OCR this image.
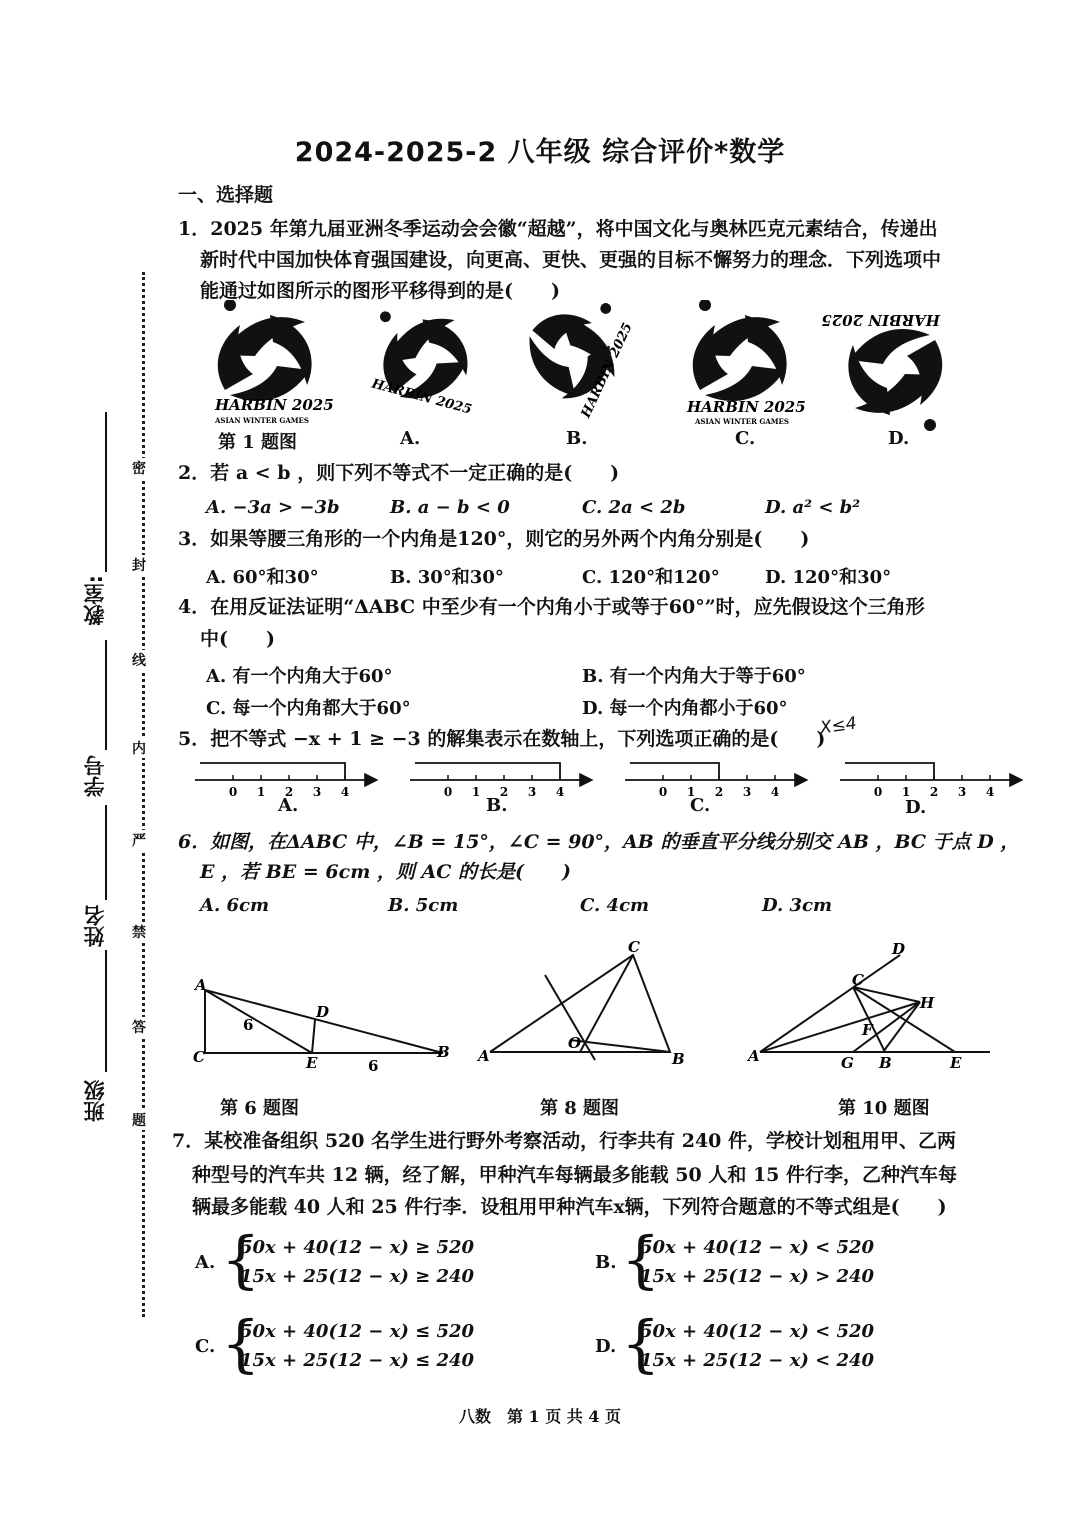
2024-2025-2 八年级 综合评价*数学
一、选择题
密
封
线
内
严
禁
答
题
班级
姓名
学号
教室:
1．2025 年第九届亚洲冬季运动会会徽“超越”，将中国文化与奥林匹克元素结合，传递出
新时代中国加快体育强国建设，向更高、更快、更强的目标不懈努力的理念．下列选项中
能通过如图所示的图形平移得到的是(　　)
HARBIN 2025
ASIAN WINTER GAMES
HARBIN 2025	HARBIN 2025	HARBIN 2025
ASIAN WINTER GAMES
HARBIN 2025
第 1 题图	A.	B.	C.	D.
2．若 a < b ，则下列不等式不一定正确的是(　　)
A. −3a > −3b	B. a − b < 0	C. 2a < 2b	D. a² < b²
3．如果等腰三角形的一个内角是120°，则它的另外两个内角分别是(　　)
A. 60°和30°	B. 30°和30°	C. 120°和120°	D. 120°和30°
4．在用反证法证明“ΔABC 中至少有一个内角小于或等于60°”时，应先假设这个三角形
中(　　)
A. 有一个内角大于60°	B. 有一个内角大于等于60°
C. 每一个内角都大于60°	D. 每一个内角都小于60°
5．把不等式 −x + 1 ≥ −3 的解集表示在数轴上，下列选项正确的是(　　)
X≤4
0 1 2 3 4	0 1 2 3 4	0 1 2 3 4	0 1 2 3 4
A.	B.	C.	D.
6．如图，在ΔABC 中，∠B = 15°，∠C = 90°，AB 的垂直平分线分别交 AB ，BC 于点 D ，
E ，若 BE = 6cm ，则 AC 的长是(　　)
A. 6cm	B. 5cm	C. 4cm	D. 3cm
A
C
D
E
B
6
6
C
A
O
B
D
C
H
F
A	G B	E
第 6 题图	第 8 题图	第 10 题图
7．某校准备组织 520 名学生进行野外考察活动，行李共有 240 件，学校计划租用甲、乙两
种型号的汽车共 12 辆，经了解，甲种汽车每辆最多能载 50 人和 15 件行李，乙种汽车每
辆最多能载 40 人和 25 件行李．设租用甲种汽车x辆，下列符合题意的不等式组是(　　)
A. {
50x + 40(12 − x) ≥ 520
15x + 25(12 − x) ≥ 240
B. {
50x + 40(12 − x) < 520
15x + 25(12 − x) > 240
C. {
50x + 40(12 − x) ≤ 520
15x + 25(12 − x) ≤ 240
D. {
50x + 40(12 − x) < 520
15x + 25(12 − x) < 240
八数　第 1 页 共 4 页
